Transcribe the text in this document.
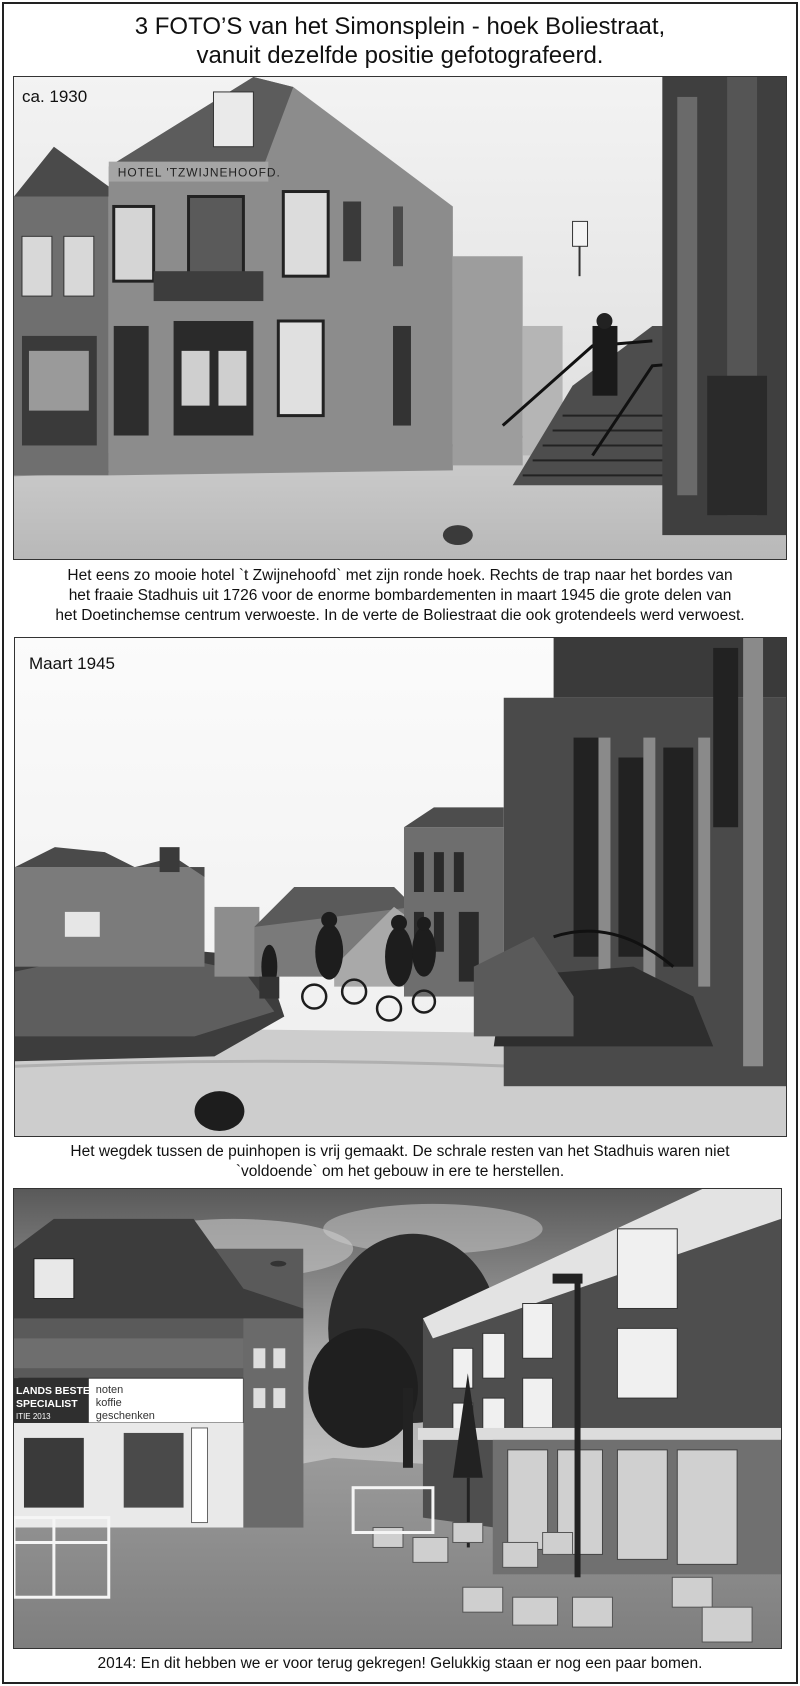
3 FOTO’S van het Simonsplein - hoek Boliestraat,
vanuit dezelfde positie gefotografeerd.
HOTEL 'TZWIJNEHOOFD.
ca. 1930
Het eens zo mooie hotel `t Zwijnehoofd` met zijn ronde hoek. Rechts de trap naar het bordes van
het fraaie Stadhuis uit 1726 voor de enorme bombardementen in maart 1945 die grote delen van
het Doetinchemse centrum verwoeste. In de verte de Boliestraat die ook grotendeels werd verwoest.
Maart 1945
Het wegdek tussen de puinhopen is vrij gemaakt. De schrale resten van het Stadhuis waren niet
`voldoende` om het gebouw in ere te herstellen.
LANDS BESTE
SPECIALIST
ITIE 2013
noten
koffie
geschenken
2014: En dit hebben we er voor terug gekregen! Gelukkig staan er nog een paar bomen.
